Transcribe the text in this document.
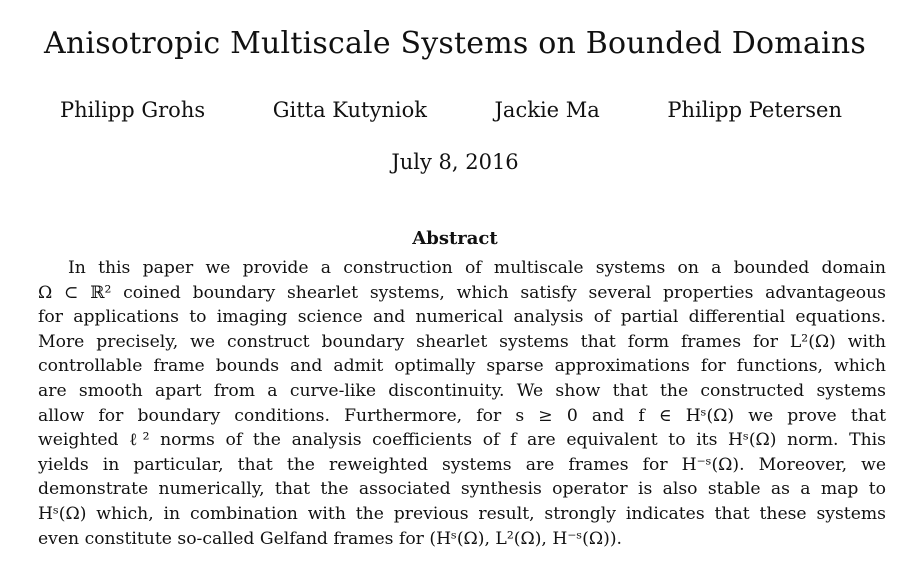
Anisotropic Multiscale Systems on Bounded Domains
Philipp Grohs	Gitta Kutyniok	Jackie Ma	Philipp Petersen
July 8, 2016
Abstract
In this paper we provide a construction of multiscale systems on a bounded domain
Ω ⊂ ℝ² coined boundary shearlet systems, which satisfy several properties advantageous
for applications to imaging science and numerical analysis of partial differential equations.
More precisely, we construct boundary shearlet systems that form frames for L²(Ω) with
controllable frame bounds and admit optimally sparse approximations for functions, which
are smooth apart from a curve-like discontinuity. We show that the constructed systems
allow for boundary conditions. Furthermore, for s ≥ 0 and f ∈ Hˢ(Ω) we prove that
weighted ℓ² norms of the analysis coefficients of f are equivalent to its Hˢ(Ω) norm. This
yields in particular, that the reweighted systems are frames for H⁻ˢ(Ω). Moreover, we
demonstrate numerically, that the associated synthesis operator is also stable as a map to
Hˢ(Ω) which, in combination with the previous result, strongly indicates that these systems
even constitute so-called Gelfand frames for (Hˢ(Ω), L²(Ω), H⁻ˢ(Ω)).
